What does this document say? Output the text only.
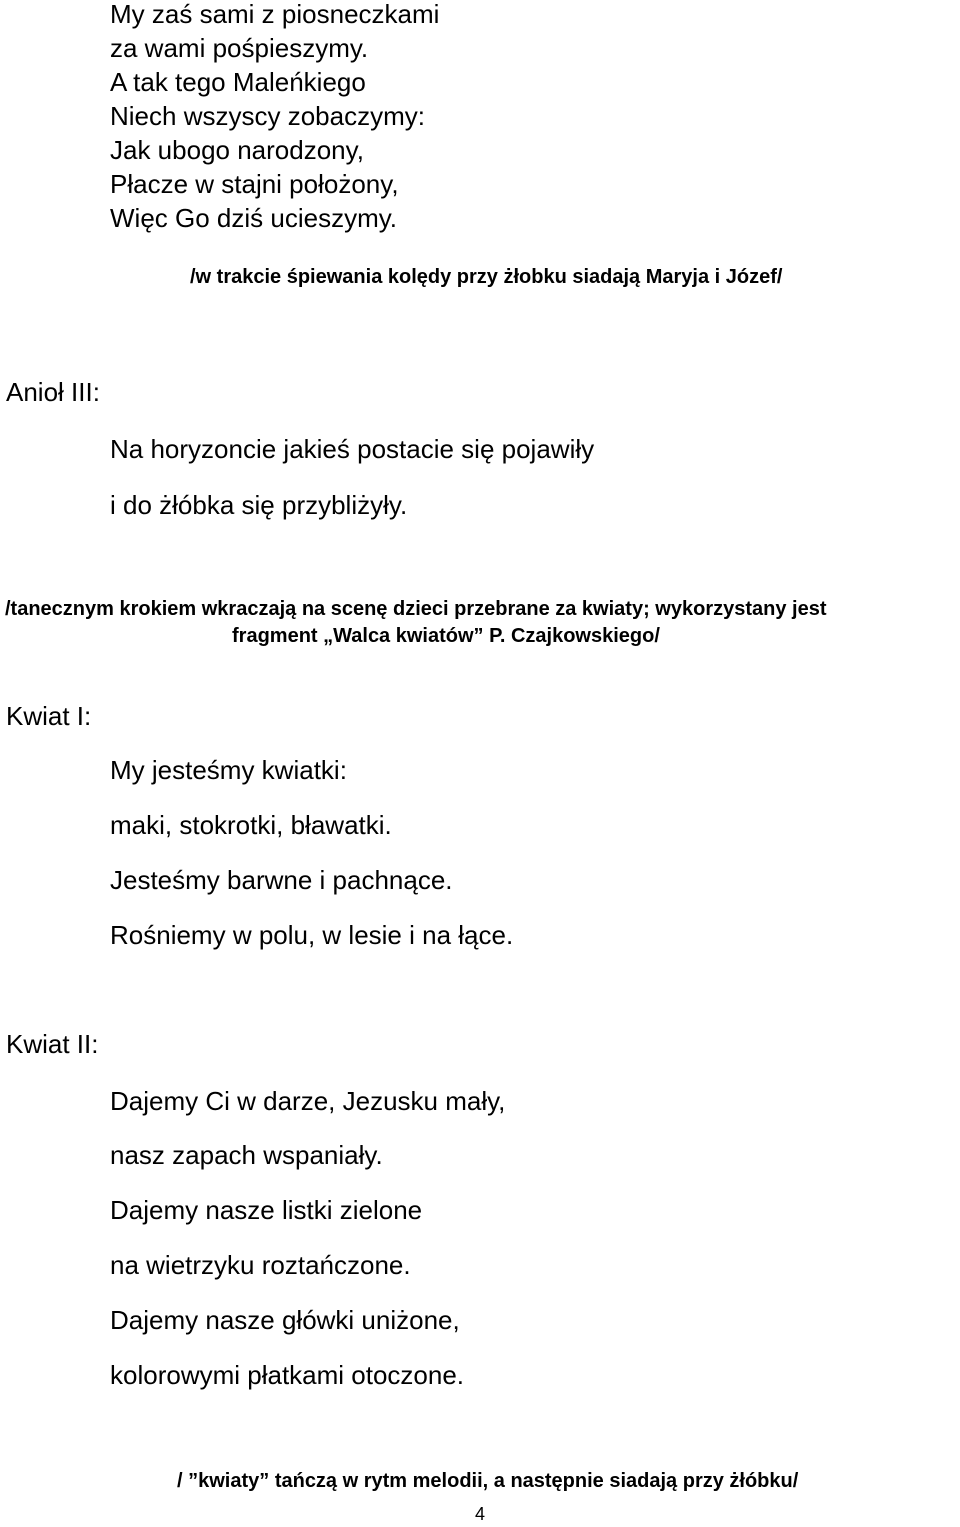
My zaś sami z piosneczkami

za wami pośpieszymy.

A tak tego Maleńkiego

Niech wszyscy zobaczymy:

Jak ubogo narodzony,

Płacze w stajni położony,

Więc Go dziś ucieszymy.

/w trakcie śpiewania kolędy przy żłobku siadają Maryja i Józef/

Anioł III:

Na horyzoncie jakieś postacie się pojawiły

i do żłóbka się przybliżyły.

/tanecznym krokiem wkraczają na scenę dzieci przebrane za kwiaty; wykorzystany jest
fragment „Walca kwiatów” P. Czajkowskiego/

Kwiat I:

My jesteśmy kwiatki:

maki, stokrotki, bławatki.

Jesteśmy barwne i pachnące.

Rośniemy w polu, w lesie i na łące.

Kwiat II:

Dajemy Ci w darze, Jezusku mały,

nasz zapach wspaniały.

Dajemy nasze listki zielone

na wietrzyku roztańczone.

Dajemy nasze główki uniżone,

kolorowymi płatkami otoczone.

/ ”kwiaty” tańczą w rytm melodii, a następnie siadają przy żłóbku/
4
